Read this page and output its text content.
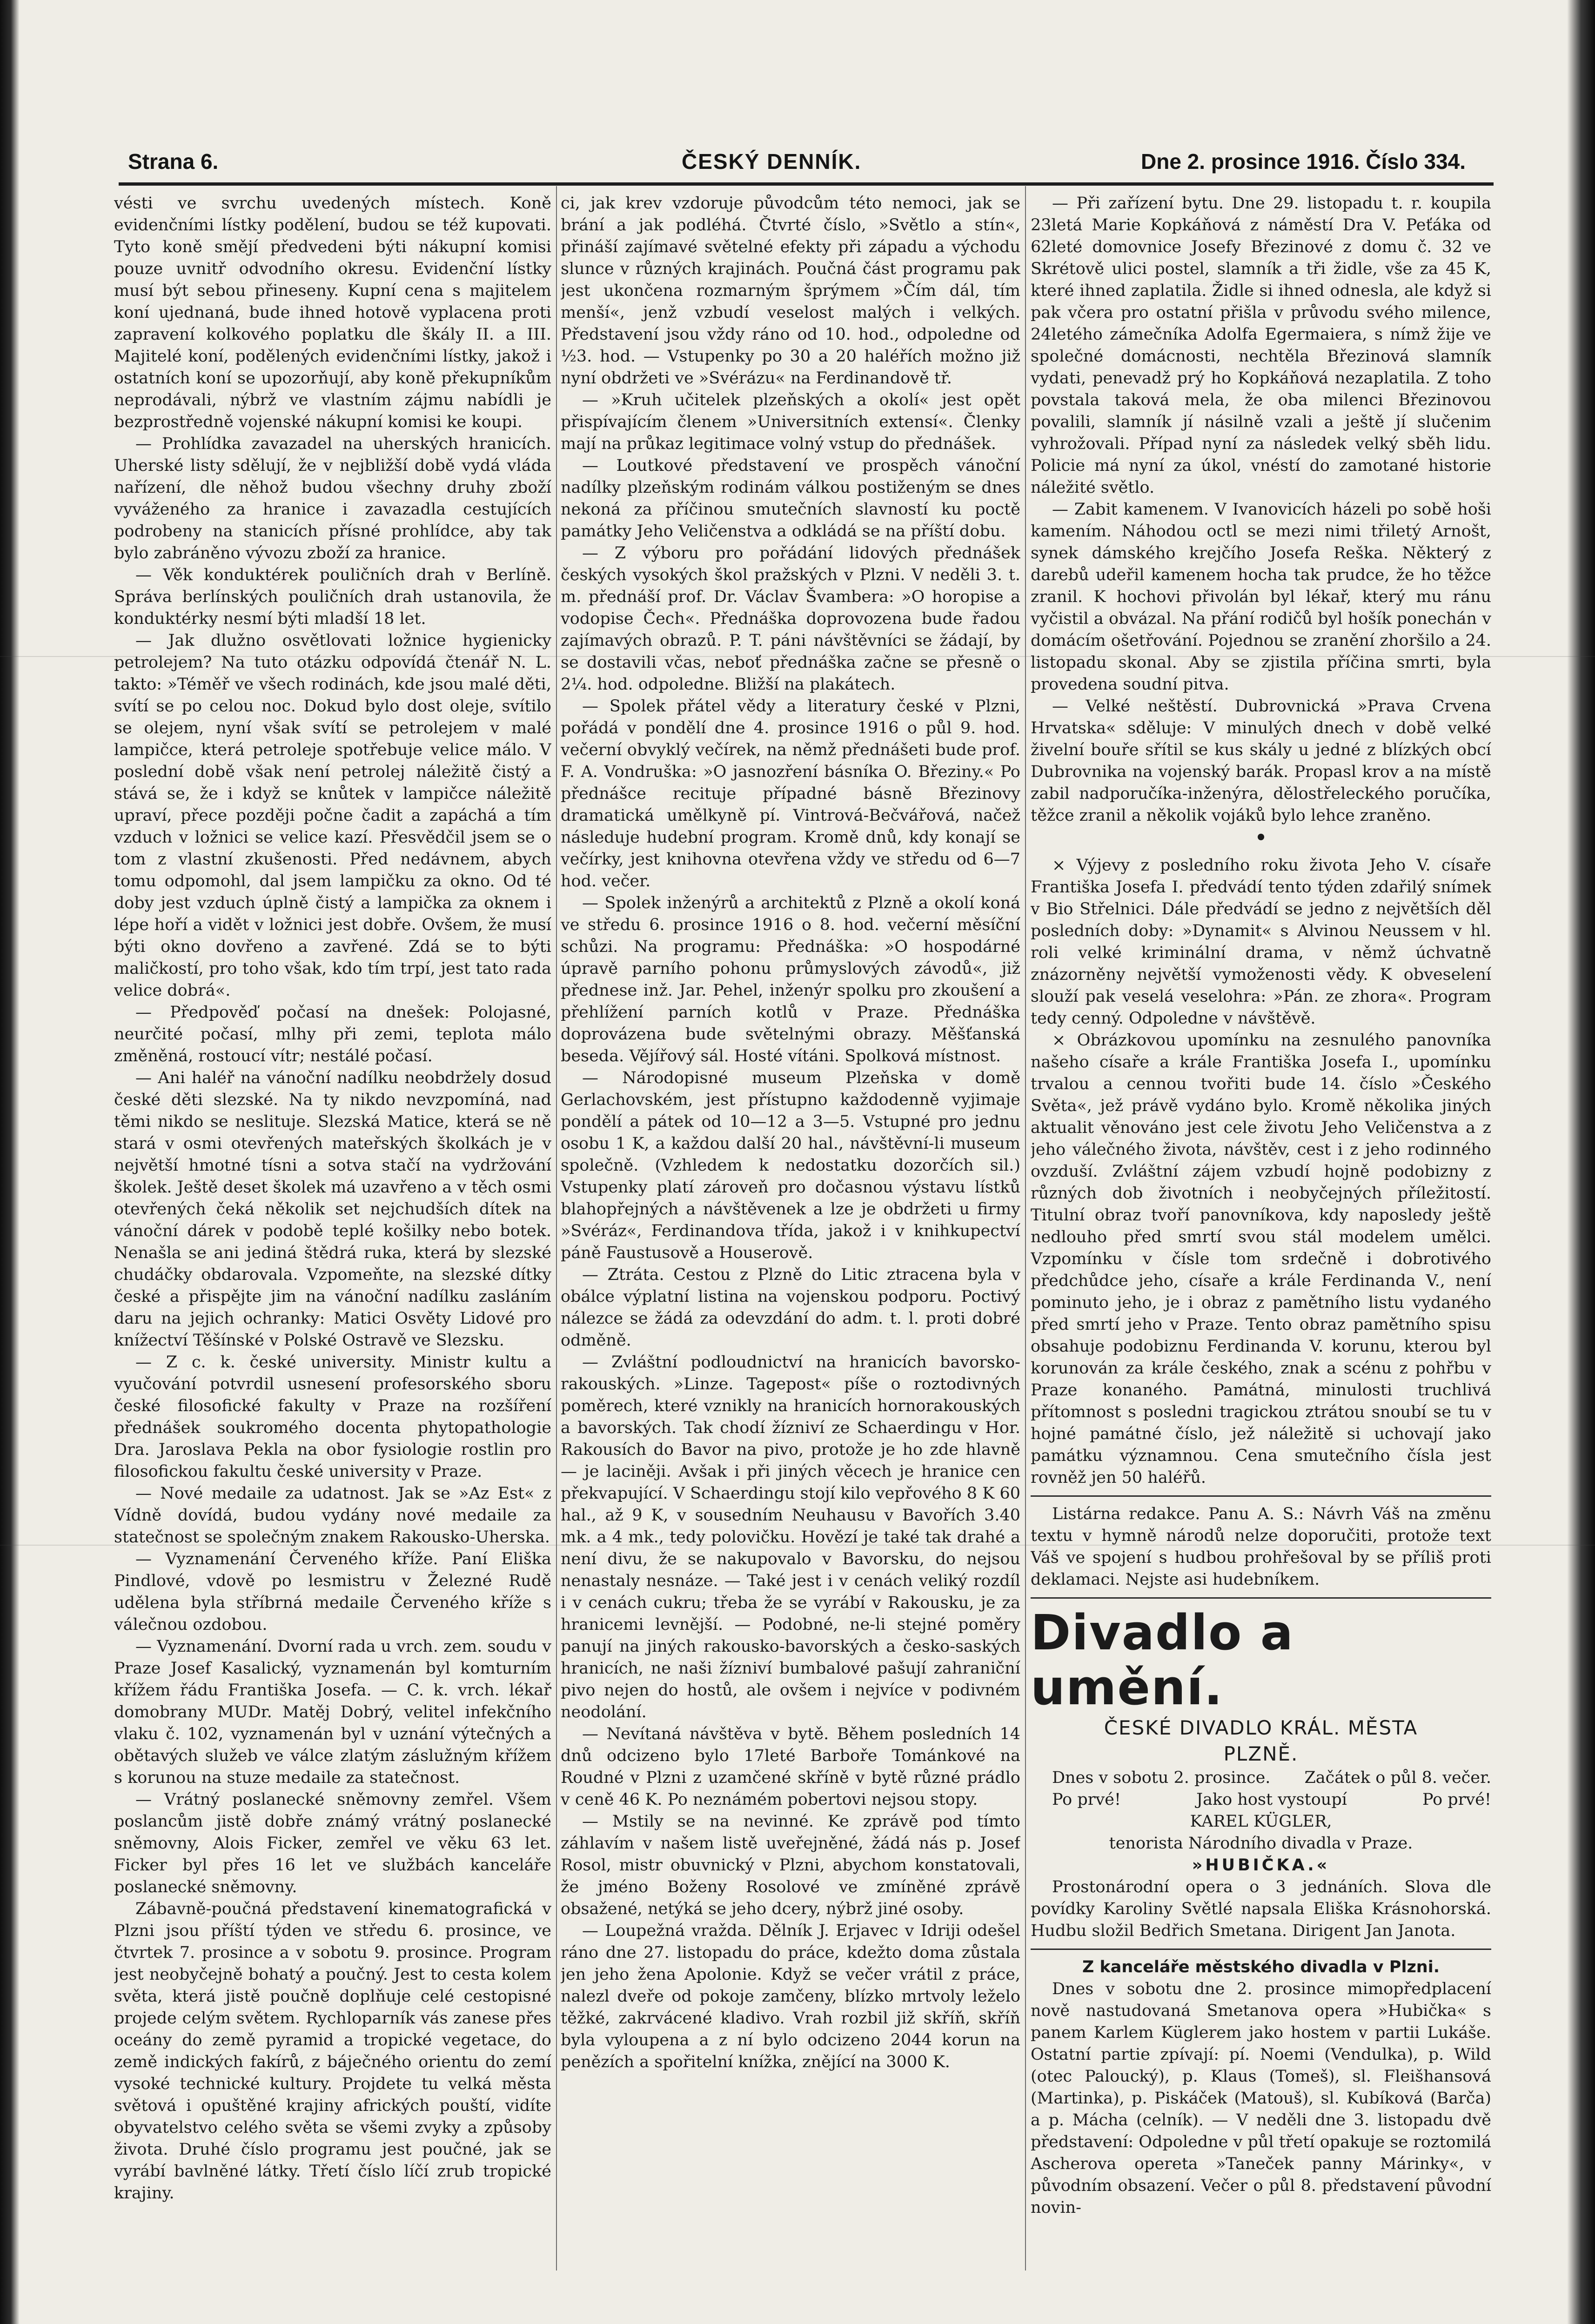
Strana 6.	ČESKÝ DENNÍK.	Dne 2. prosince 1916. Číslo 334.

vésti ve svrchu uvedených místech. Koně evidenčními lístky podělení, budou se též kupovati. Tyto koně smějí předvedeni býti nákupní komisi pouze uvnitř odvodního okresu. Evidenční lístky musí být sebou přineseny. Kupní cena s majitelem koní ujednaná, bude ihned hotově vyplacena proti zapravení kolkového poplatku dle škály II. a III. Majitelé koní, podělených evidenčními lístky, jakož i ostatních koní se upozorňují, aby koně překupníkům neprodávali, nýbrž ve vlastním zájmu nabídli je bezprostředně vojenské nákupní komisi ke koupi.

— Prohlídka zavazadel na uherských hranicích. Uherské listy sdělují, že v nejbližší době vydá vláda nařízení, dle něhož budou všechny druhy zboží vyváženého za hranice i zavazadla cestujících podrobeny na stanicích přísné prohlídce, aby tak bylo zabráněno vývozu zboží za hranice.

— Věk konduktérek pouličních drah v Berlíně. Správa berlínských pouličních drah ustanovila, že konduktérky nesmí býti mladší 18 let.

— Jak dlužno osvětlovati ložnice hygienicky petrolejem? Na tuto otázku odpovídá čtenář N. L. takto: »Téměř ve všech rodinách, kde jsou malé děti, svítí se po celou noc. Dokud bylo dost oleje, svítilo se olejem, nyní však svítí se petrolejem v malé lampičce, která petroleje spotřebuje velice málo. V poslední době však není petrolej náležitě čistý a stává se, že i když se knůtek v lampičce náležitě upraví, přece později počne čadit a zapáchá a tím vzduch v ložnici se velice kazí. Přesvědčil jsem se o tom z vlastní zkušenosti. Před nedávnem, abych tomu odpomohl, dal jsem lampičku za okno. Od té doby jest vzduch úplně čistý a lampička za oknem i lépe hoří a vidět v ložnici jest dobře. Ovšem, že musí býti okno dovřeno a zavřené. Zdá se to býti maličkostí, pro toho však, kdo tím trpí, jest tato rada velice dobrá«.

— Předpověď počasí na dnešek: Polojasné, neurčité počasí, mlhy při zemi, teplota málo změněná, rostoucí vítr; nestálé počasí.

— Ani haléř na vánoční nadílku neobdržely dosud české děti slezské. Na ty nikdo nevzpomíná, nad těmi nikdo se neslituje. Slezská Matice, která se ně stará v osmi otevřených mateřských školkách je v největší hmotné tísni a sotva stačí na vydržování školek. Ještě deset školek má uzavřeno a v těch osmi otevřených čeká několik set nejchudších dítek na vánoční dárek v podobě teplé košilky nebo botek. Nenašla se ani jediná štědrá ruka, která by slezské chudáčky obdarovala. Vzpomeňte, na slezské dítky české a přispějte jim na vánoční nadílku zasláním daru na jejich ochranky: Matici Osvěty Lidové pro knížectví Těšínské v Polské Ostravě ve Slezsku.

— Z c. k. české university. Ministr kultu a vyučování potvrdil usnesení profesorského sboru české filosofické fakulty v Praze na rozšíření přednášek soukromého docenta phytopathologie Dra. Jaroslava Pekla na obor fysiologie rostlin pro filosofickou fakultu české university v Praze.

— Nové medaile za udatnost. Jak se »Az Est« z Vídně dovídá, budou vydány nové medaile za statečnost se společným znakem Rakousko-Uherska.

— Vyznamenání Červeného kříže. Paní Eliška Pindlové, vdově po lesmistru v Železné Rudě udělena byla stříbrná medaile Červeného kříže s válečnou ozdobou.

— Vyznamenání. Dvorní rada u vrch. zem. soudu v Praze Josef Kasalický, vyznamenán byl komturním křížem řádu Františka Josefa. — C. k. vrch. lékař domobrany MUDr. Matěj Dobrý, velitel infekčního vlaku č. 102, vyznamenán byl v uznání výtečných a obětavých služeb ve válce zlatým záslužným křížem s korunou na stuze medaile za statečnost.

— Vrátný poslanecké sněmovny zemřel. Všem poslancům jistě dobře známý vrátný poslanecké sněmovny, Alois Ficker, zemřel ve věku 63 let. Ficker byl přes 16 let ve službách kanceláře poslanecké sněmovny.

Zábavně-poučná představení kinematografická v Plzni jsou příští týden ve středu 6. prosince, ve čtvrtek 7. prosince a v sobotu 9. prosince. Program jest neobyčejně bohatý a poučný. Jest to cesta kolem světa, která jistě poučně doplňuje celé cestopisné projede celým světem. Rychloparník vás zanese přes oceány do země pyramid a tropické vegetace, do země indických fakírů, z báječného orientu do zemí vysoké technické kultury. Projdete tu velká města světová i opuštěné krajiny afrických pouští, vidíte obyvatelstvo celého světa se všemi zvyky a způsoby života. Druhé číslo programu jest poučné, jak se vyrábí bavlněné látky. Třetí číslo líčí zrub tropické krajiny.

ci, jak krev vzdoruje původcům této nemoci, jak se brání a jak podléhá. Čtvrté číslo, »Světlo a stín«, přináší zajímavé světelné efekty při západu a východu slunce v různých krajinách. Poučná část programu pak jest ukončena rozmarným šprýmem »Čím dál, tím menší«, jenž vzbudí veselost malých i velkých. Představení jsou vždy ráno od 10. hod., odpoledne od ½3. hod. — Vstupenky po 30 a 20 haléřích možno již nyní obdržeti ve »Svérázu« na Ferdinandově tř.

— »Kruh učitelek plzeňských a okolí« jest opět přispívajícím členem »Universitních extensí«. Členky mají na průkaz legitimace volný vstup do přednášek.

— Loutkové představení ve prospěch vánoční nadílky plzeňským rodinám válkou postiženým se dnes nekoná za příčinou smutečních slavností ku poctě památky Jeho Veličenstva a odkládá se na příští dobu.

— Z výboru pro pořádání lidových přednášek českých vysokých škol pražských v Plzni. V neděli 3. t. m. přednáší prof. Dr. Václav Švambera: »O horopise a vodopise Čech«. Přednáška doprovozena bude řadou zajímavých obrazů. P. T. páni návštěvníci se žádají, by se dostavili včas, neboť přednáška začne se přesně o 2¼. hod. odpoledne. Bližší na plakátech.

— Spolek přátel vědy a literatury české v Plzni, pořádá v pondělí dne 4. prosince 1916 o půl 9. hod. večerní obvyklý večírek, na němž přednášeti bude prof. F. A. Vondruška: »O jasnozření básníka O. Březiny.« Po přednášce recituje případné básně Březinovy dramatická umělkyně pí. Vintrová-Bečvářová, načež následuje hudební program. Kromě dnů, kdy konají se večírky, jest knihovna otevřena vždy ve středu od 6—7 hod. večer.

— Spolek inženýrů a architektů z Plzně a okolí koná ve středu 6. prosince 1916 o 8. hod. večerní měsíční schůzi. Na programu: Přednáška: »O hospodárné úpravě parního pohonu průmyslových závodů«, již přednese inž. Jar. Pehel, inženýr spolku pro zkoušení a přehlížení parních kotlů v Praze. Přednáška doprovázena bude světelnými obrazy. Měšťanská beseda. Vějířový sál. Hosté vítáni. Spolková místnost.

— Národopisné museum Plzeňska v domě Gerlachovském, jest přístupno každodenně vyjimaje pondělí a pátek od 10—12 a 3—5. Vstupné pro jednu osobu 1 K, a každou další 20 hal., návštěvní-li museum společně. (Vzhledem k nedostatku dozorčích sil.) Vstupenky platí zároveň pro dočasnou výstavu lístků blahopřejných a návštěvenek a lze je obdržeti u firmy »Svéráz«, Ferdinandova třída, jakož i v knihkupectví páně Faustusově a Houserově.

— Ztráta. Cestou z Plzně do Litic ztracena byla v obálce výplatní listina na vojenskou podporu. Poctivý nálezce se žádá za odevzdání do adm. t. l. proti dobré odměně.

— Zvláštní podloudnictví na hranicích bavorsko-rakouských. »Linze. Tagepost« píše o roztodivných poměrech, které vznikly na hranicích hornorakouských a bavorských. Tak chodí žízniví ze Schaerdingu v Hor. Rakousích do Bavor na pivo, protože je ho zde hlavně — je laciněji. Avšak i při jiných věcech je hranice cen překvapující. V Schaerdingu stojí kilo vepřového 8 K 60 hal., až 9 K, v sousedním Neuhausu v Bavořích 3.40 mk. a 4 mk., tedy polovičku. Hovězí je také tak drahé a není divu, že se nakupovalo v Bavorsku, do nejsou nenastaly nesnáze. — Také jest i v cenách veliký rozdíl i v cenách cukru; třeba že se vyrábí v Rakousku, je za hranicemi levnější. — Podobné, ne-li stejné poměry panují na jiných rakousko-bavorských a česko-saských hranicích, ne naši žízniví bumbalové pašují zahraniční pivo nejen do hostů, ale ovšem i nejvíce v podivném neodolání.

— Nevítaná návštěva v bytě. Během posledních 14 dnů odcizeno bylo 17leté Barboře Tománkové na Roudné v Plzni z uzamčené skříně v bytě různé prádlo v ceně 46 K. Po neznámém pobertovi nejsou stopy.

— Mstily se na nevinné. Ke zprávě pod tímto záhlavím v našem listě uveřejněné, žádá nás p. Josef Rosol, mistr obuvnický v Plzni, abychom konstatovali, že jméno Boženy Rosolové ve zmíněné zprávě obsažené, netýká se jeho dcery, nýbrž jiné osoby.

— Loupežná vražda. Dělník J. Erjavec v Idriji odešel ráno dne 27. listopadu do práce, kdežto doma zůstala jen jeho žena Apolonie. Když se večer vrátil z práce, nalezl dveře od pokoje zamčeny, blízko mrtvoly leželo těžké, zakrvácené kladivo. Vrah rozbil již skříň, skříň byla vyloupena a z ní bylo odcizeno 2044 korun na penězích a spořitelní knížka, znějící na 3000 K.

— Při zařízení bytu. Dne 29. listopadu t. r. koupila 23letá Marie Kopkáňová z náměstí Dra V. Peťáka od 62leté domovnice Josefy Březinové z domu č. 32 ve Skrétově ulici postel, slamník a tři židle, vše za 45 K, které ihned zaplatila. Židle si ihned odnesla, ale když si pak včera pro ostatní přišla v průvodu svého milence, 24letého zámečníka Adolfa Egermaiera, s nímž žije ve společné domácnosti, nechtěla Březinová slamník vydati, penevadž prý ho Kopkáňová nezaplatila. Z toho povstala taková mela, že oba milenci Březinovou povalili, slamník jí násilně vzali a ještě jí slučenim vyhrožovali. Případ nyní za následek velký sběh lidu. Policie má nyní za úkol, vnéstí do zamotané historie náležité světlo.

— Zabit kamenem. V Ivanovicích házeli po sobě hoši kamením. Náhodou octl se mezi nimi třiletý Arnošt, synek dámského krejčího Josefa Reška. Některý z darebů udeřil kamenem hocha tak prudce, že ho těžce zranil. K hochovi přivolán byl lékař, který mu ránu vyčistil a obvázal. Na přání rodičů byl hošík ponechán v domácím ošetřování. Pojednou se zranění zhoršilo a 24. listopadu skonal. Aby se zjistila příčina smrti, byla provedena soudní pitva.

— Velké neštěstí. Dubrovnická »Prava Crvena Hrvatska« sděluje: V minulých dnech v době velké živelní bouře sřítil se kus skály u jedné z blízkých obcí Dubrovnika na vojenský barák. Propasl krov a na místě zabil nadporučíka-inženýra, dělostřeleckého poručíka, těžce zranil a několik vojáků bylo lehce zraněno.

•

× Výjevy z posledního roku života Jeho V. císaře Františka Josefa I. předvádí tento týden zdařilý snímek v Bio Střelnici. Dále předvádí se jedno z největších děl posledních doby: »Dynamit« s Alvinou Neussem v hl. roli velké kriminální drama, v němž úchvatně znázorněny největší vymoženosti vědy. K obveselení slouží pak veselá veselohra: »Pán. ze zhora«. Program tedy cenný. Odpoledne v návštěvě.

× Obrázkovou upomínku na zesnulého panovníka našeho císaře a krále Františka Josefa I., upomínku trvalou a cennou tvořiti bude 14. číslo »Českého Světa«, jež právě vydáno bylo. Kromě několika jiných aktualit věnováno jest cele životu Jeho Veličenstva a z jeho válečného života, návštěv, cest i z jeho rodinného ovzduší. Zvláštní zájem vzbudí hojně podobizny z různých dob životních i neobyčejných příležitostí. Titulní obraz tvoří panovníkova, kdy naposledy ještě nedlouho před smrtí svou stál modelem umělci. Vzpomínku v čísle tom srdečně i dobrotivého předchůdce jeho, císaře a krále Ferdinanda V., není pominuto jeho, je i obraz z pamětního listu vydaného před smrtí jeho v Praze. Tento obraz pamětního spisu obsahuje podobiznu Ferdinanda V. korunu, kterou byl korunován za krále českého, znak a scénu z pohřbu v Praze konaného. Památná, minulosti truchlivá přítomnost s posledni tragickou ztrátou snoubí se tu v hojné památné číslo, jež náležitě si uchovají jako památku významnou. Cena smutečního čísla jest rovněž jen 50 haléřů.

Listárna redakce. Panu A. S.: Návrh Váš na změnu textu v hymně národů nelze doporučiti, protože text Váš ve spojení s hudbou prohřešoval by se příliš proti deklamaci. Nejste asi hudebníkem.

Divadlo a umění.
ČESKÉ DIVADLO KRÁL. MĚSTA
PLZNĚ.

Dnes v sobotu 2. prosince.	Začátek o půl 8. večer.

Po prvé!	Jako host vystoupí	Po prvé!

KAREL KÜGLER,

tenorista Národního divadla v Praze.

»HUBIČKA.«

Prostonárodní opera o 3 jednáních. Slova dle povídky Karoliny Světlé napsala Eliška Krásnohorská. Hudbu složil Bedřich Smetana. Dirigent Jan Janota.

Z kanceláře městského divadla v Plzni.

Dnes v sobotu dne 2. prosince mimopředplacení nově nastudovaná Smetanova opera »Hubička« s panem Karlem Küglerem jako hostem v partii Lukáše. Ostatní partie zpívají: pí. Noemi (Vendulka), p. Wild (otec Paloucký), p. Klaus (Tomeš), sl. Fleišhansová (Martinka), p. Piskáček (Matouš), sl. Kubíková (Barča) a p. Mácha (celník). — V neděli dne 3. listopadu dvě představení: Odpoledne v půl třetí opakuje se roztomilá Ascherova opereta »Taneček panny Márinky«, v původním obsazení. Večer o půl 8. představení původní novin-
